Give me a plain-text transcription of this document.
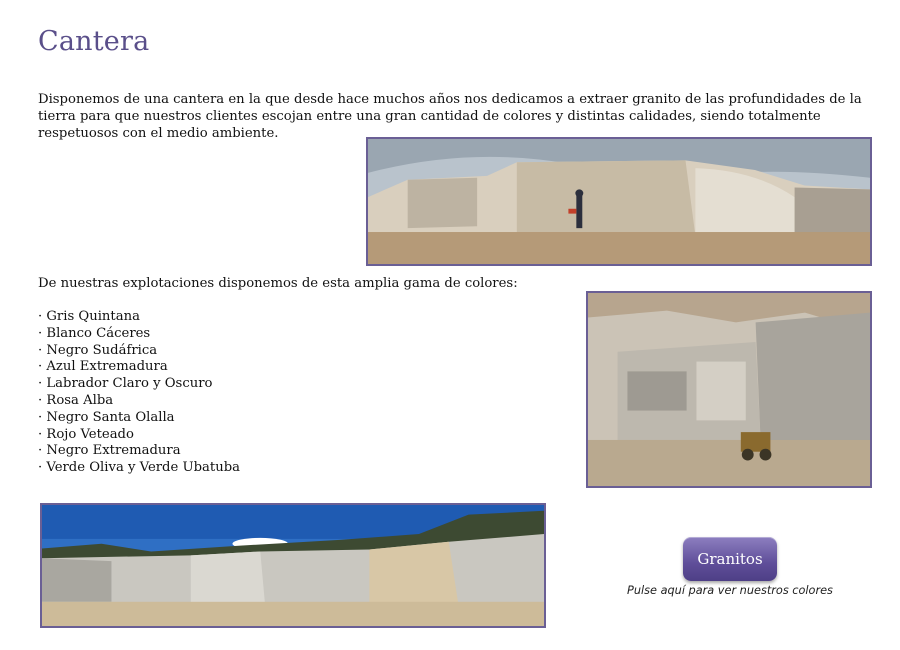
Cantera

Disponemos de una cantera en la que desde hace muchos años nos dedicamos a extraer granito de las profundidades de la tierra para que nuestros clientes escojan entre una gran cantidad de colores y distintas calidades, siendo totalmente respetuosos con el medio ambiente.

De nuestras explotaciones disponemos de esta amplia gama de colores:

· Gris Quintana
· Blanco Cáceres
· Negro Sudáfrica
· Azul Extremadura
· Labrador Claro y Oscuro
· Rosa Alba
· Negro Santa Olalla
· Rojo Veteado
· Negro Extremadura
· Verde Oliva y Verde Ubatuba
Granitos
Pulse aquí para ver nuestros colores
